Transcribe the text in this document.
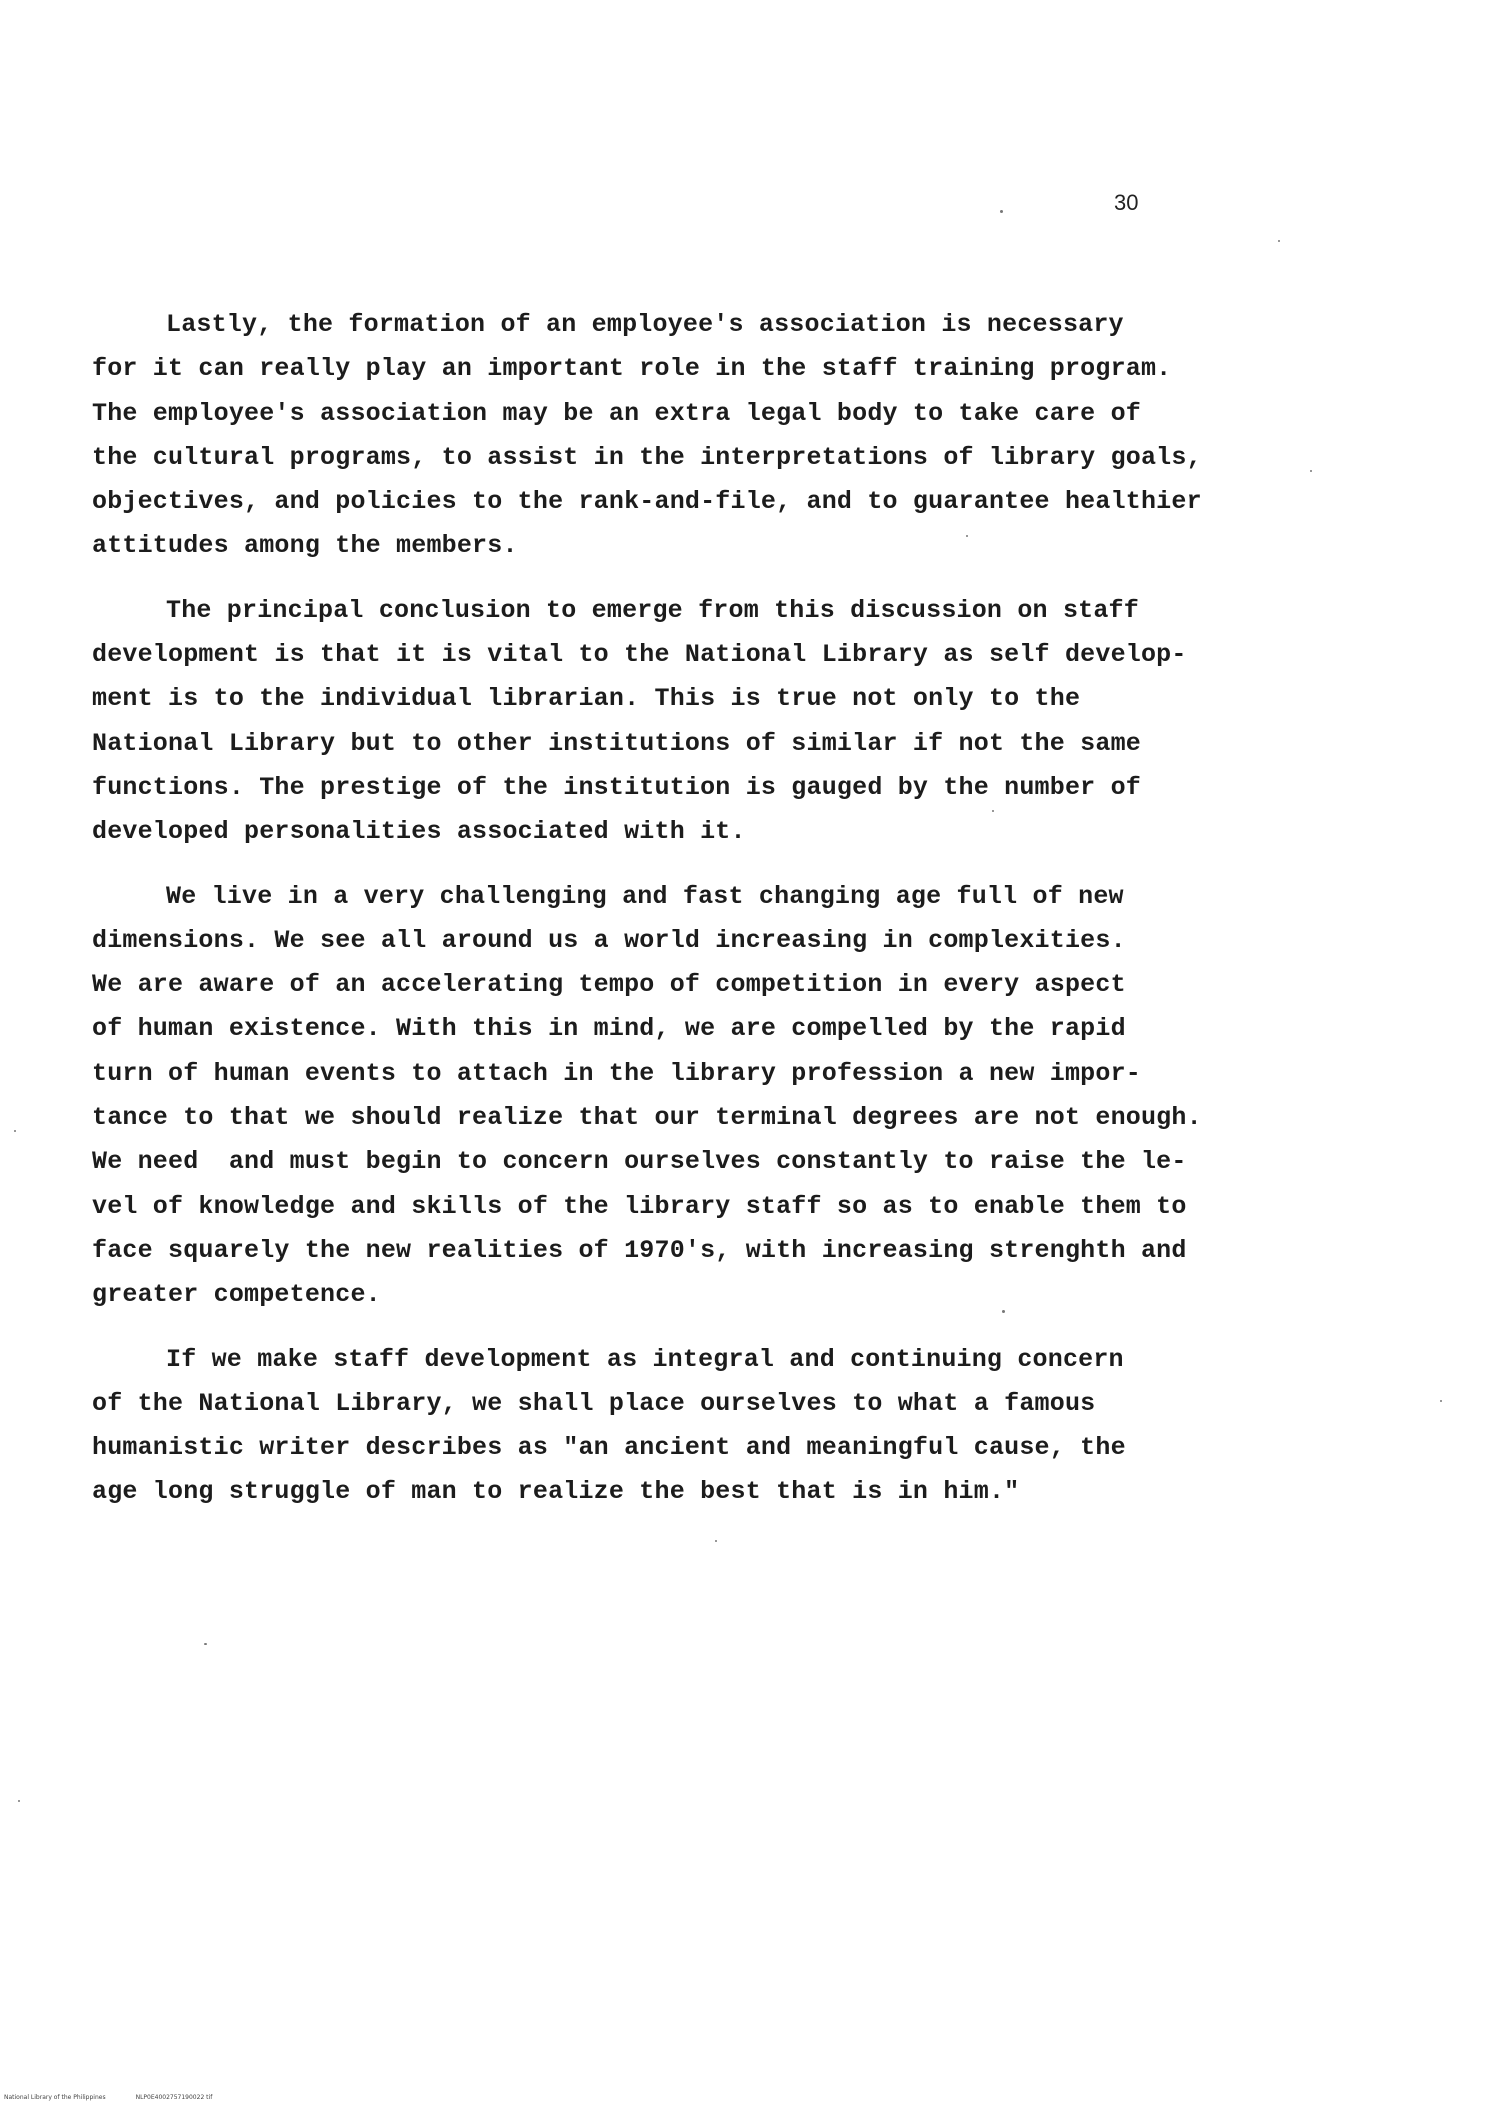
30
Lastly, the formation of an employee's association is necessary
for it can really play an important role in the staff training program.
The employee's association may be an extra legal body to take care of
the cultural programs, to assist in the interpretations of library goals,
objectives, and policies to the rank-and-file, and to guarantee healthier
attitudes among the members.
The principal conclusion to emerge from this discussion on staff
development is that it is vital to the National Library as self develop-
ment is to the individual librarian. This is true not only to the
National Library but to other institutions of similar if not the same
functions. The prestige of the institution is gauged by the number of
developed personalities associated with it.
We live in a very challenging and fast changing age full of new
dimensions. We see all around us a world increasing in complexities.
We are aware of an accelerating tempo of competition in every aspect
of human existence. With this in mind, we are compelled by the rapid
turn of human events to attach in the library profession a new impor-
tance to that we should realize that our terminal degrees are not enough.
We need  and must begin to concern ourselves constantly to raise the le-
vel of knowledge and skills of the library staff so as to enable them to
face squarely the new realities of 1970's, with increasing strenghth and
greater competence.
If we make staff development as integral and continuing concern
of the National Library, we shall place ourselves to what a famous
humanistic writer describes as "an ancient and meaningful cause, the
age long struggle of man to realize the best that is in him."
National Library of the Philippines	NLP0E4002757190022 tif
